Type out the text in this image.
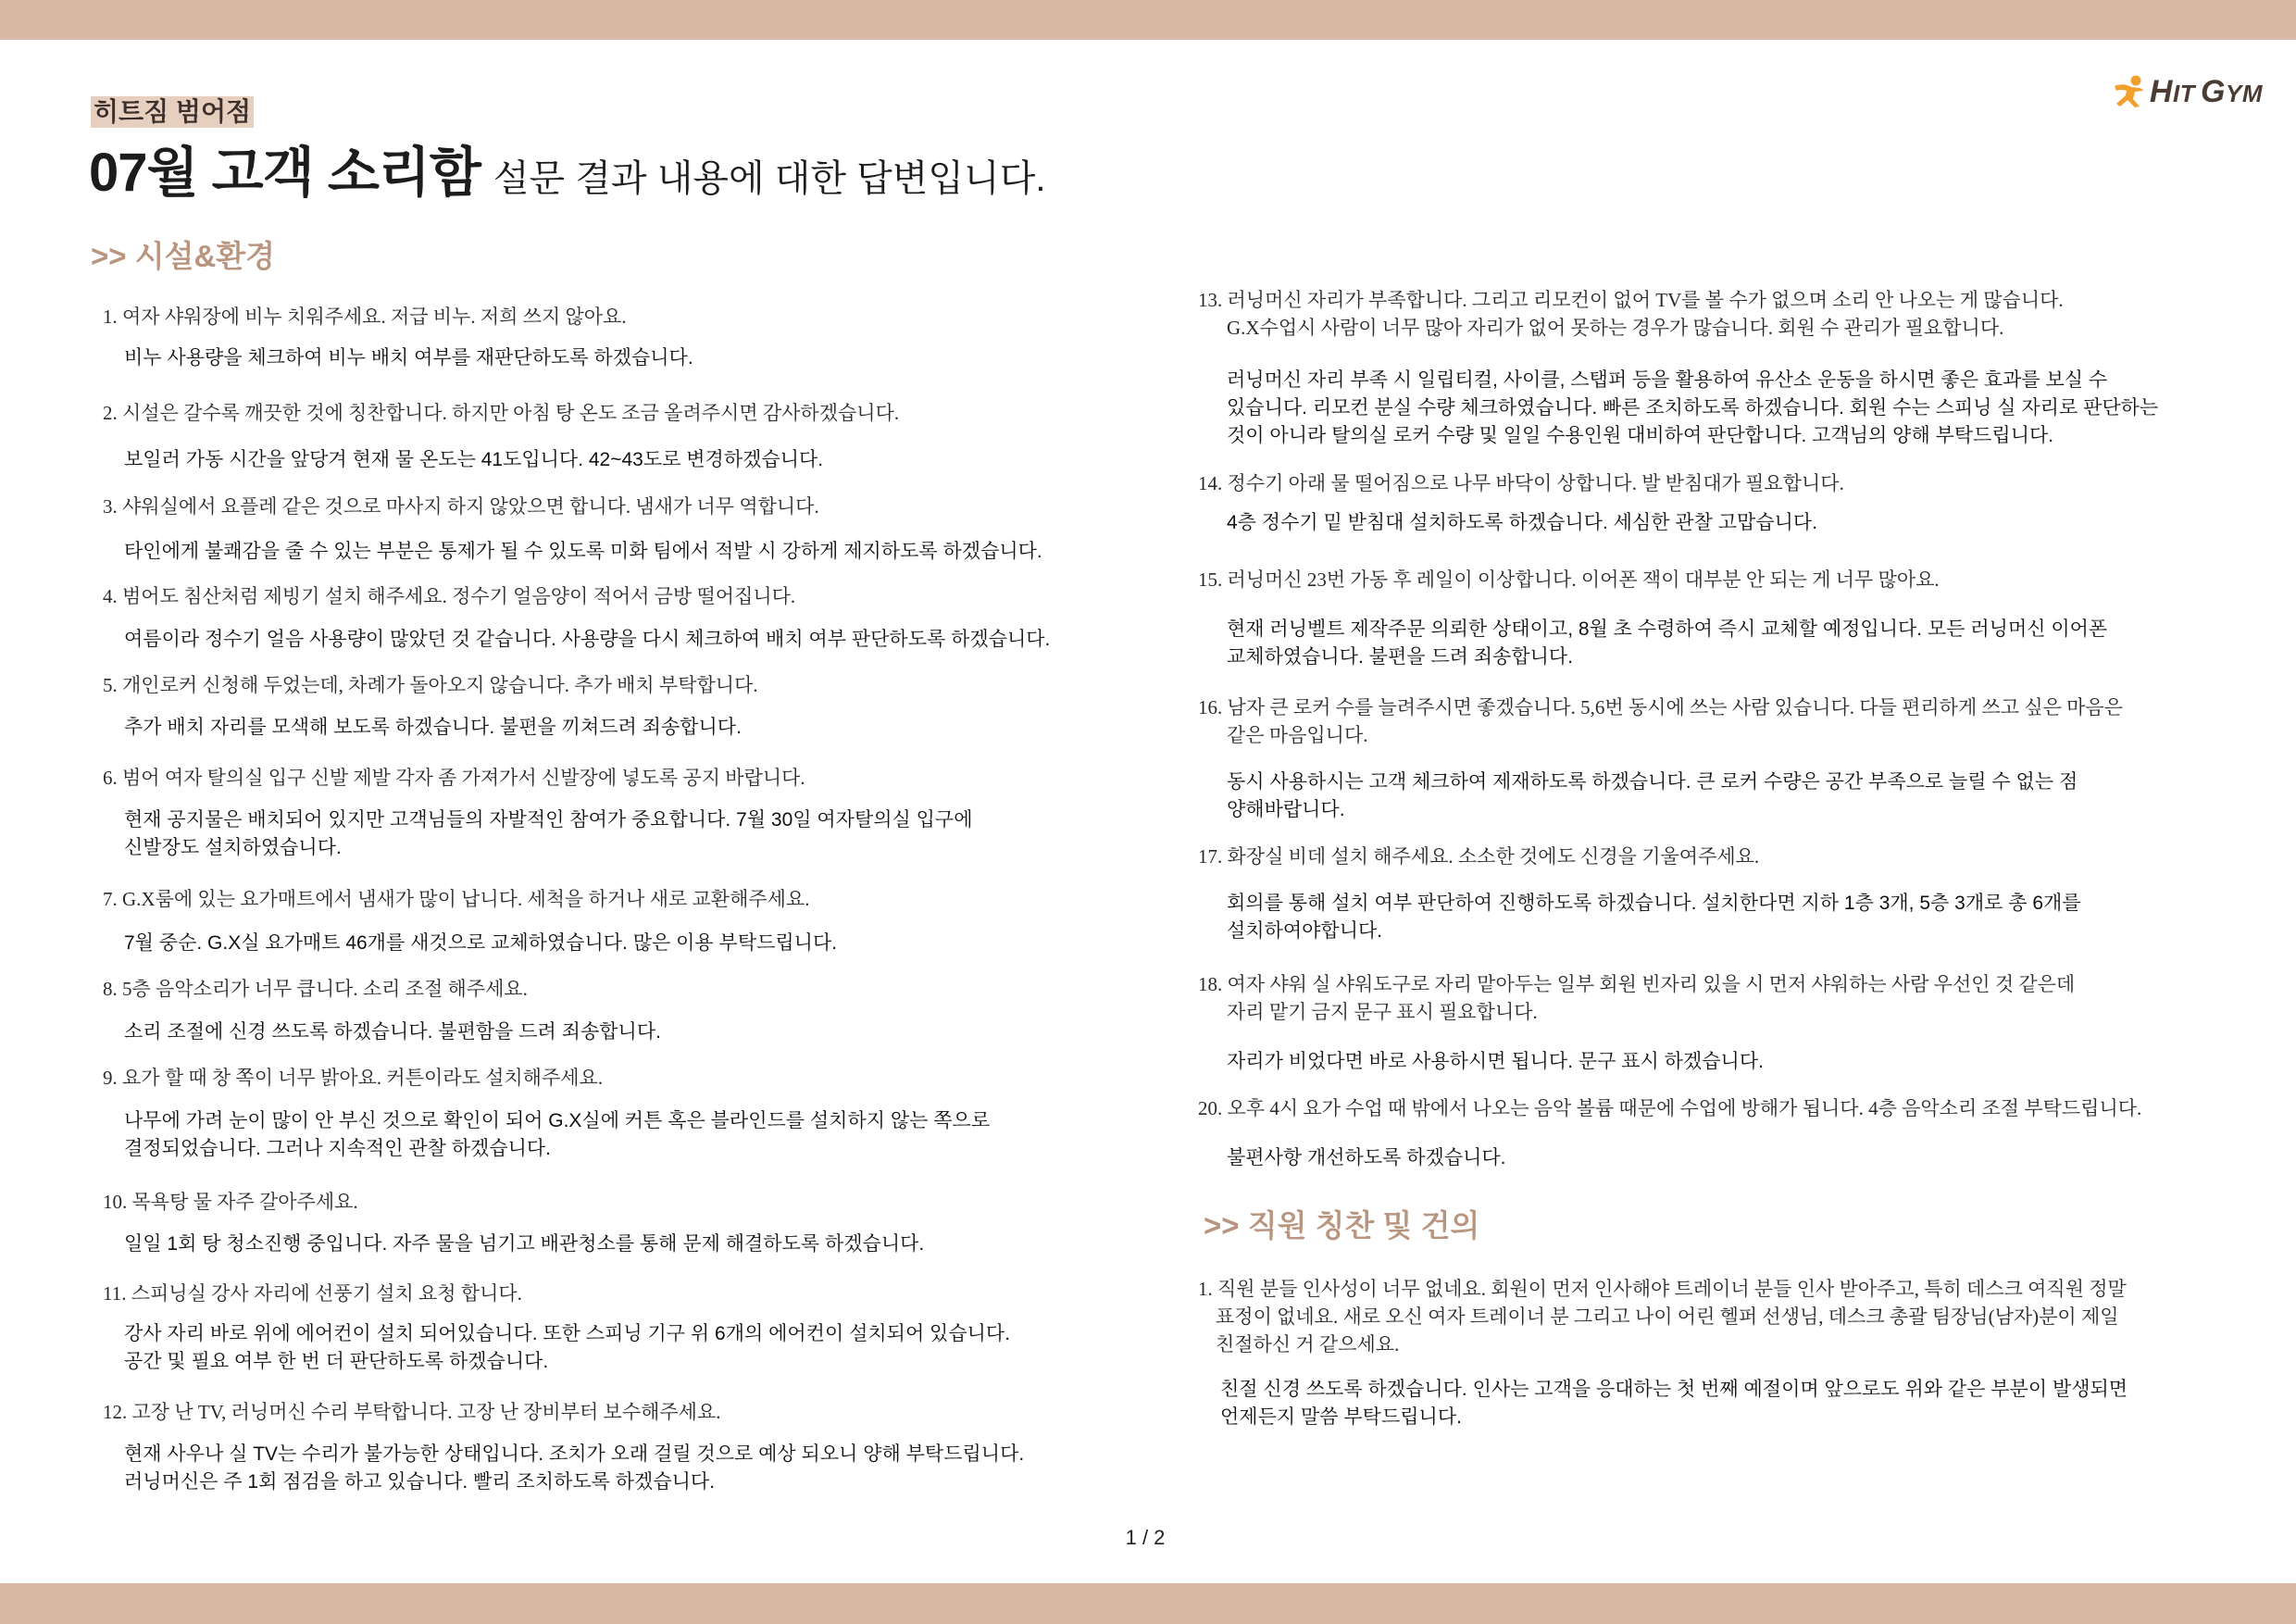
히트짐 범어점
07월 고객 소리함 설문 결과 내용에 대한 답변입니다.
HIT GYM
>> 시설&환경
1. 여자 샤워장에 비누 치워주세요. 저급 비누. 저희 쓰지 않아요.
비누 사용량을 체크하여 비누 배치 여부를 재판단하도록 하겠습니다.
2. 시설은 갈수록 깨끗한 것에 칭찬합니다. 하지만 아침 탕 온도 조금 올려주시면 감사하겠습니다.
보일러 가동 시간을 앞당겨 현재 물 온도는 41도입니다. 42~43도로 변경하겠습니다.
3. 샤워실에서 요플레 같은 것으로 마사지 하지 않았으면 합니다. 냄새가 너무 역합니다.
타인에게 불쾌감을 줄 수 있는 부분은 통제가 될 수 있도록 미화 팀에서 적발 시 강하게 제지하도록 하겠습니다.
4. 범어도 침산처럼 제빙기 설치 해주세요. 정수기 얼음양이 적어서 금방 떨어집니다.
여름이라 정수기 얼음 사용량이 많았던 것 같습니다. 사용량을 다시 체크하여 배치 여부 판단하도록 하겠습니다.
5. 개인로커 신청해 두었는데, 차례가 돌아오지 않습니다. 추가 배치 부탁합니다.
추가 배치 자리를 모색해 보도록 하겠습니다. 불편을 끼쳐드려 죄송합니다.
6. 범어 여자 탈의실 입구 신발 제발 각자 좀 가져가서 신발장에 넣도록 공지 바랍니다.
현재 공지물은 배치되어 있지만 고객님들의 자발적인 참여가 중요합니다. 7월 30일 여자탈의실 입구에
신발장도 설치하였습니다.
7. G.X룸에 있는 요가매트에서 냄새가 많이 납니다. 세척을 하거나 새로 교환해주세요.
7월 중순. G.X실 요가매트 46개를 새것으로 교체하였습니다. 많은 이용 부탁드립니다.
8. 5층 음악소리가 너무 큽니다. 소리 조절 해주세요.
소리 조절에 신경 쓰도록 하겠습니다. 불편함을 드려 죄송합니다.
9. 요가 할 때 창 쪽이 너무 밝아요. 커튼이라도 설치해주세요.
나무에 가려 눈이 많이 안 부신 것으로 확인이 되어 G.X실에 커튼 혹은 블라인드를 설치하지 않는 쪽으로
결정되었습니다. 그러나 지속적인 관찰 하겠습니다.
10. 목욕탕 물 자주 갈아주세요.
일일 1회 탕 청소진행 중입니다. 자주 물을 넘기고 배관청소를 통해 문제 해결하도록 하겠습니다.
11. 스피닝실 강사 자리에 선풍기 설치 요청 합니다.
강사 자리 바로 위에 에어컨이 설치 되어있습니다. 또한 스피닝 기구 위 6개의 에어컨이 설치되어 있습니다.
공간 및 필요 여부 한 번 더 판단하도록 하겠습니다.
12. 고장 난 TV, 러닝머신 수리 부탁합니다. 고장 난 장비부터 보수해주세요.
현재 사우나 실 TV는 수리가 불가능한 상태입니다. 조치가 오래 걸릴 것으로 예상 되오니 양해 부탁드립니다.
러닝머신은 주 1회 점검을 하고 있습니다. 빨리 조치하도록 하겠습니다.
13. 러닝머신 자리가 부족합니다. 그리고 리모컨이 없어 TV를 볼 수가 없으며 소리 안 나오는 게 많습니다.
G.X수업시 사람이 너무 많아 자리가 없어 못하는 경우가 많습니다. 회원 수 관리가 필요합니다.
러닝머신 자리 부족 시 일립티컬, 사이클, 스탭퍼 등을 활용하여 유산소 운동을 하시면 좋은 효과를 보실 수
있습니다. 리모컨 분실 수량 체크하였습니다. 빠른 조치하도록 하겠습니다. 회원 수는 스피닝 실 자리로 판단하는
것이 아니라 탈의실 로커 수량 및 일일 수용인원 대비하여 판단합니다. 고객님의 양해 부탁드립니다.
14. 정수기 아래 물 떨어짐으로 나무 바닥이 상합니다. 발 받침대가 필요합니다.
4층 정수기 밑 받침대 설치하도록 하겠습니다. 세심한 관찰 고맙습니다.
15. 러닝머신 23번 가동 후 레일이 이상합니다. 이어폰 잭이 대부분 안 되는 게 너무 많아요.
현재 러닝벨트 제작주문 의뢰한 상태이고, 8월 초 수령하여 즉시 교체할 예정입니다. 모든 러닝머신 이어폰
교체하였습니다. 불편을 드려 죄송합니다.
16. 남자 큰 로커 수를 늘려주시면 좋겠습니다. 5,6번 동시에 쓰는 사람 있습니다. 다들 편리하게 쓰고 싶은 마음은
같은 마음입니다.
동시 사용하시는 고객 체크하여 제재하도록 하겠습니다. 큰 로커 수량은 공간 부족으로 늘릴 수 없는 점
양해바랍니다.
17. 화장실 비데 설치 해주세요. 소소한 것에도 신경을 기울여주세요.
회의를 통해 설치 여부 판단하여 진행하도록 하겠습니다. 설치한다면 지하 1층 3개, 5층 3개로 총 6개를
설치하여야합니다.
18. 여자 샤워 실 샤워도구로 자리 맡아두는 일부 회원 빈자리 있을 시 먼저 샤워하는 사람 우선인 것 같은데
자리 맡기 금지 문구 표시 필요합니다.
자리가 비었다면 바로 사용하시면 됩니다. 문구 표시 하겠습니다.
20. 오후 4시 요가 수업 때 밖에서 나오는 음악 볼륨 때문에 수업에 방해가 됩니다. 4층 음악소리 조절 부탁드립니다.
불편사항 개선하도록 하겠습니다.
>> 직원 칭찬 및 건의
1. 직원 분들 인사성이 너무 없네요. 회원이 먼저 인사해야 트레이너 분들 인사 받아주고, 특히 데스크 여직원 정말
표정이 없네요. 새로 오신 여자 트레이너 분 그리고 나이 어린 헬퍼 선생님, 데스크 총괄 팀장님(남자)분이 제일
친절하신 거 같으세요.
친절 신경 쓰도록 하겠습니다. 인사는 고객을 응대하는 첫 번째 예절이며 앞으로도 위와 같은 부분이 발생되면
언제든지 말씀 부탁드립니다.
1 / 2
